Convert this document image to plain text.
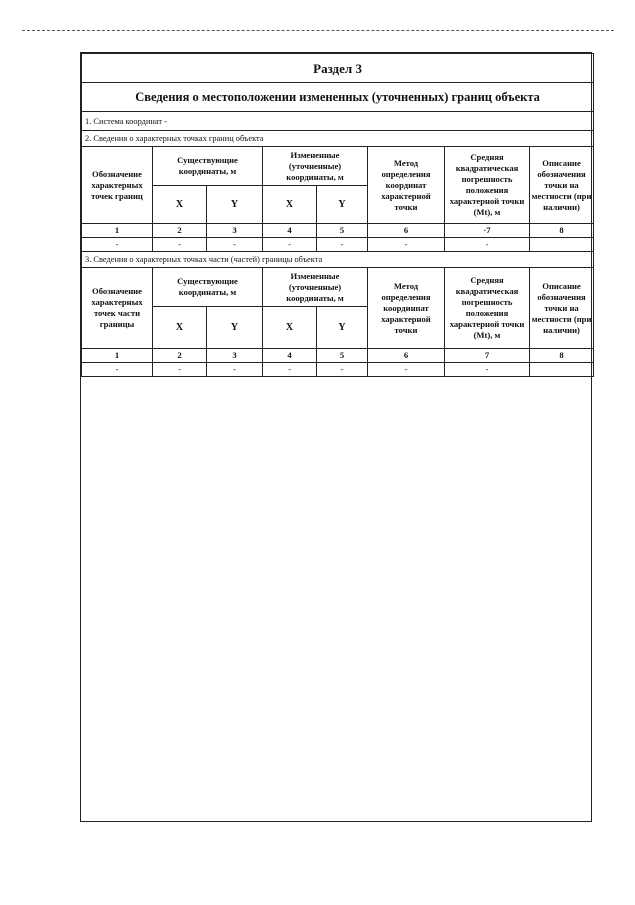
Раздел 3							
Сведения о местоположении измененных (уточненных) границ объекта							
1. Система координат -							
2. Сведения о характерных точках границ объекта							
Обозначение характерных точек границ	Существующие координаты, м		Измененные (уточненные) координаты, м		Метод определения координат характерной точки	Средняя квадратическая погрешность положения характерной точки (Mt), м	Описание обозначения точки на местности (при наличии)
	X	Y	X	Y			
1	2	3	4	5	6	·7	8
-	-	-	-	-	-	-	
3. Сведения о характерных точках части (частей) границы объекта							
Обозначение характерных точек части границы	Существующие координаты, м		Измененные (уточненные) координаты, м		Метод определения координпат характерной точки	Средняя квадратическая погрешность положения характерной точки (Mt), м	Описание обозначения точки на местности (при наличии)
	X	Y	X	Y			
1	2	3	4	5	6	7	8
-	-	-	-	-	-	-	
